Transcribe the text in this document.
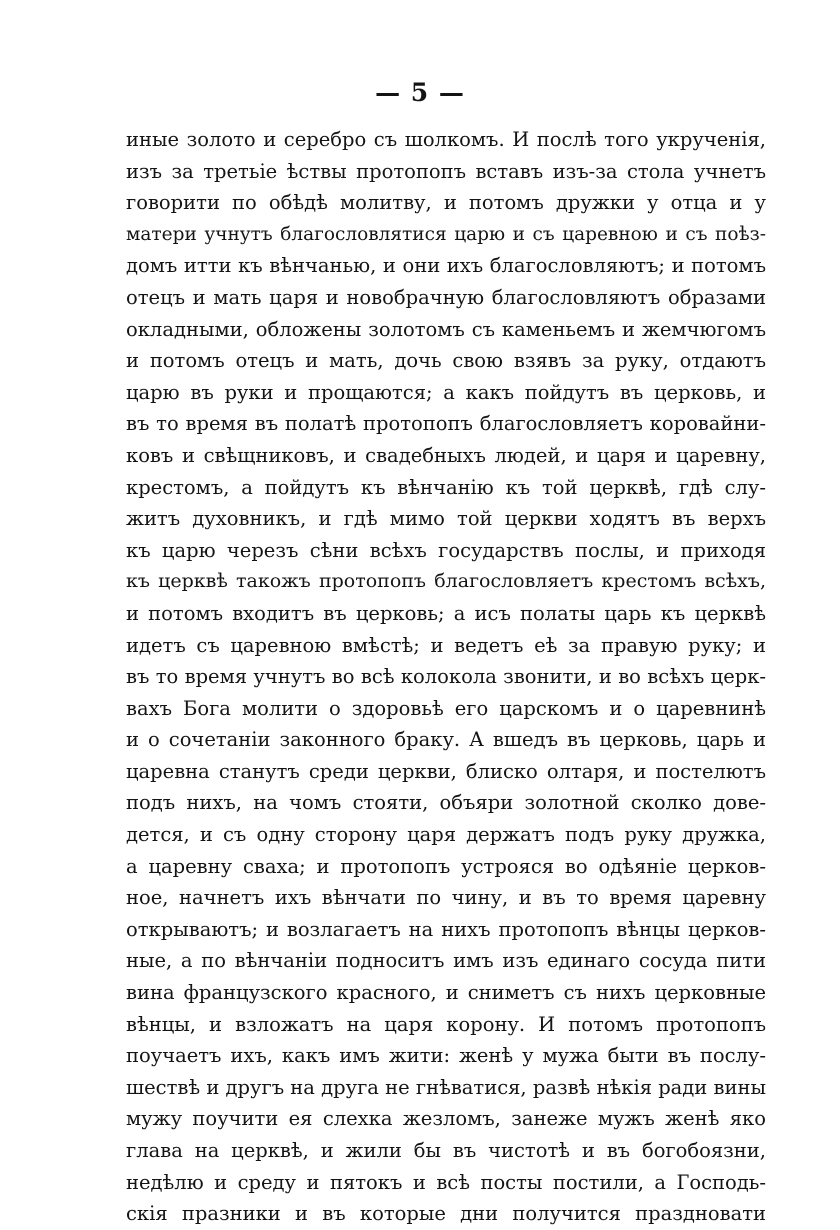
— 5 —
иные золото и серебро съ шолкомъ. И послѣ того укрученія,
изъ за третьіе ѣствы протопопъ вставъ изъ-за стола учнетъ
говорити по обѣдѣ молитву, и потомъ дружки у отца и у
матери учнутъ благословлятися царю и съ царевною и съ поѣз-
домъ итти къ вѣнчанью, и они ихъ благословляютъ; и потомъ
отецъ и мать царя и новобрачную благословляютъ образами
окладными, обложены золотомъ съ каменьемъ и жемчюгомъ
и потомъ отецъ и мать, дочь свою взявъ за руку, отдаютъ
царю въ руки и прощаются; а какъ пойдутъ въ церковь, и
въ то время въ полатѣ протопопъ благословляетъ коровайни-
ковъ и свѣщниковъ, и свадебныхъ людей, и царя и царевну,
крестомъ, а пойдутъ къ вѣнчанію къ той церквѣ, гдѣ слу-
житъ духовникъ, и гдѣ мимо той церкви ходятъ въ верхъ
къ царю черезъ сѣни всѣхъ государствъ послы, и приходя
къ церквѣ такожъ протопопъ благословляетъ крестомъ всѣхъ,
и потомъ входитъ въ церковь; а исъ полаты царь къ церквѣ
идетъ съ царевною вмѣстѣ; и ведетъ еѣ за правую руку; и
въ то время учнутъ во всѣ колокола звонити, и во всѣхъ церк-
вахъ Бога молити о здоровьѣ его царскомъ и о царевнинѣ
и о сочетаніи законного браку. А вшедъ въ церковь, царь и
царевна станутъ среди церкви, блиско олтаря, и постелютъ
подъ нихъ, на чомъ стояти, объяри золотной сколко дове-
дется, и съ одну сторону царя держатъ подъ руку дружка,
а царевну сваха; и протопопъ устрояся во одѣяніе церков-
ное, начнетъ ихъ вѣнчати по чину, и въ то время царевну
открываютъ; и возлагаетъ на нихъ протопопъ вѣнцы церков-
ные, а по вѣнчаніи подноситъ имъ изъ единаго сосуда пити
вина французского красного, и сниметъ съ нихъ церковные
вѣнцы, и взложатъ на царя корону. И потомъ протопопъ
поучаетъ ихъ, какъ имъ жити: женѣ у мужа быти въ послу-
шествѣ и другъ на друга не гнѣватися, развѣ нѣкія ради вины
мужу поучити ея слехка жезломъ, занеже мужъ женѣ яко
глава на церквѣ, и жили бы въ чистотѣ и въ богобоязни,
недѣлю и среду и пятокъ и всѣ посты постили, а Господь-
скія празники и въ которые дни получится праздновати
